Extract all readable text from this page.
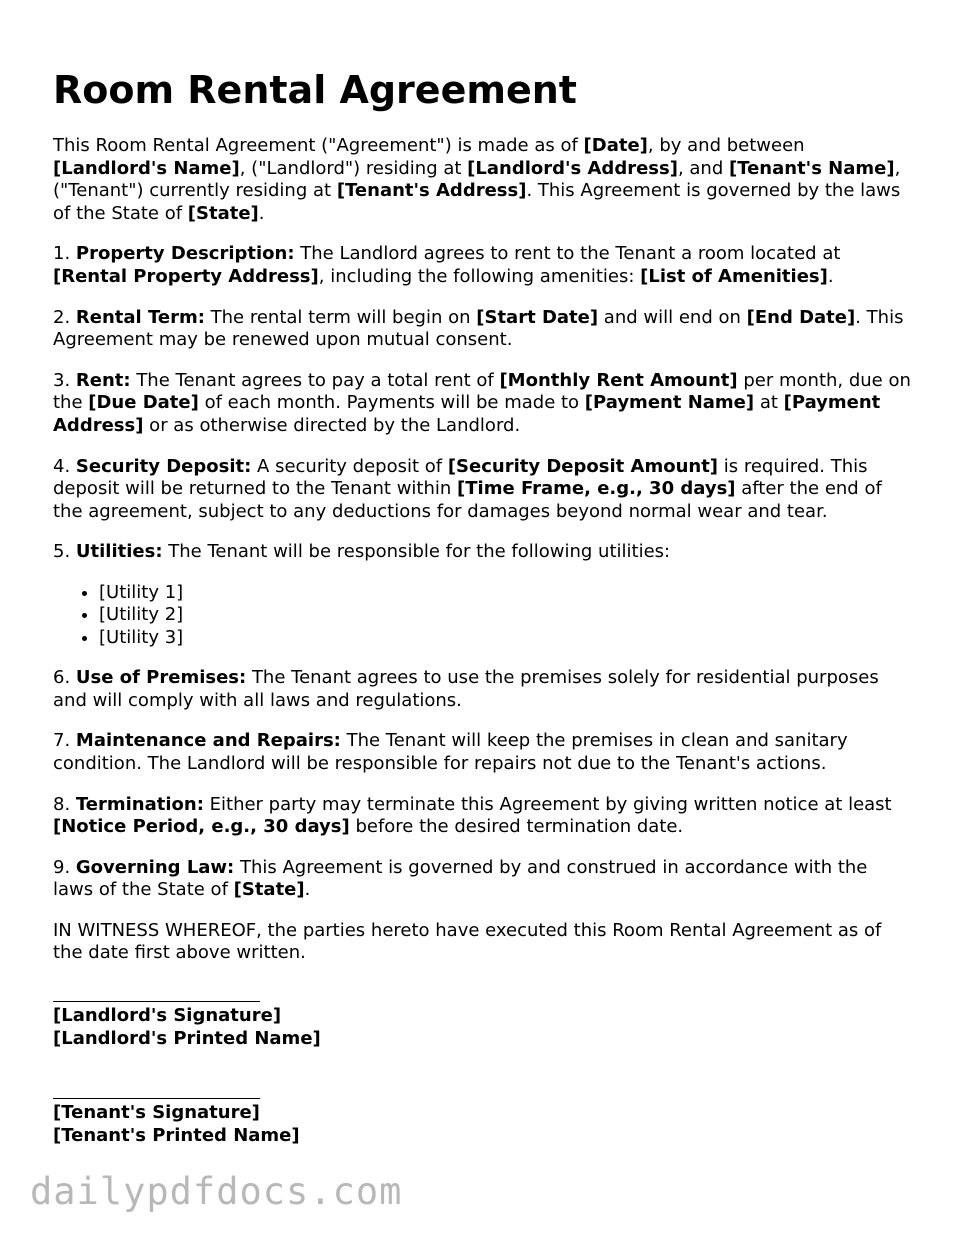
Room Rental Agreement

This Room Rental Agreement ("Agreement") is made as of [Date], by and between [Landlord's Name], ("Landlord") residing at [Landlord's Address], and [Tenant's Name], ("Tenant") currently residing at [Tenant's Address]. This Agreement is governed by the laws of the State of [State].

1. Property Description: The Landlord agrees to rent to the Tenant a room located at [Rental Property Address], including the following amenities: [List of Amenities].

2. Rental Term: The rental term will begin on [Start Date] and will end on [End Date]. This Agreement may be renewed upon mutual consent.

3. Rent: The Tenant agrees to pay a total rent of [Monthly Rent Amount] per month, due on the [Due Date] of each month. Payments will be made to [Payment Name] at [Payment Address] or as otherwise directed by the Landlord.

4. Security Deposit: A security deposit of [Security Deposit Amount] is required. This deposit will be returned to the Tenant within [Time Frame, e.g., 30 days] after the end of the agreement, subject to any deductions for damages beyond normal wear and tear.

5. Utilities: The Tenant will be responsible for the following utilities:

• [Utility 1]
• [Utility 2]
• [Utility 3]

6. Use of Premises: The Tenant agrees to use the premises solely for residential purposes and will comply with all laws and regulations.

7. Maintenance and Repairs: The Tenant will keep the premises in clean and sanitary condition. The Landlord will be responsible for repairs not due to the Tenant's actions.

8. Termination: Either party may terminate this Agreement by giving written notice at least [Notice Period, e.g., 30 days] before the desired termination date.

9. Governing Law: This Agreement is governed by and construed in accordance with the laws of the State of [State].

IN WITNESS WHEREOF, the parties hereto have executed this Room Rental Agreement as of the date first above written.

[Landlord's Signature]
[Landlord's Printed Name]
[Tenant's Signature]
[Tenant's Printed Name]
dailypdfdocs.com
